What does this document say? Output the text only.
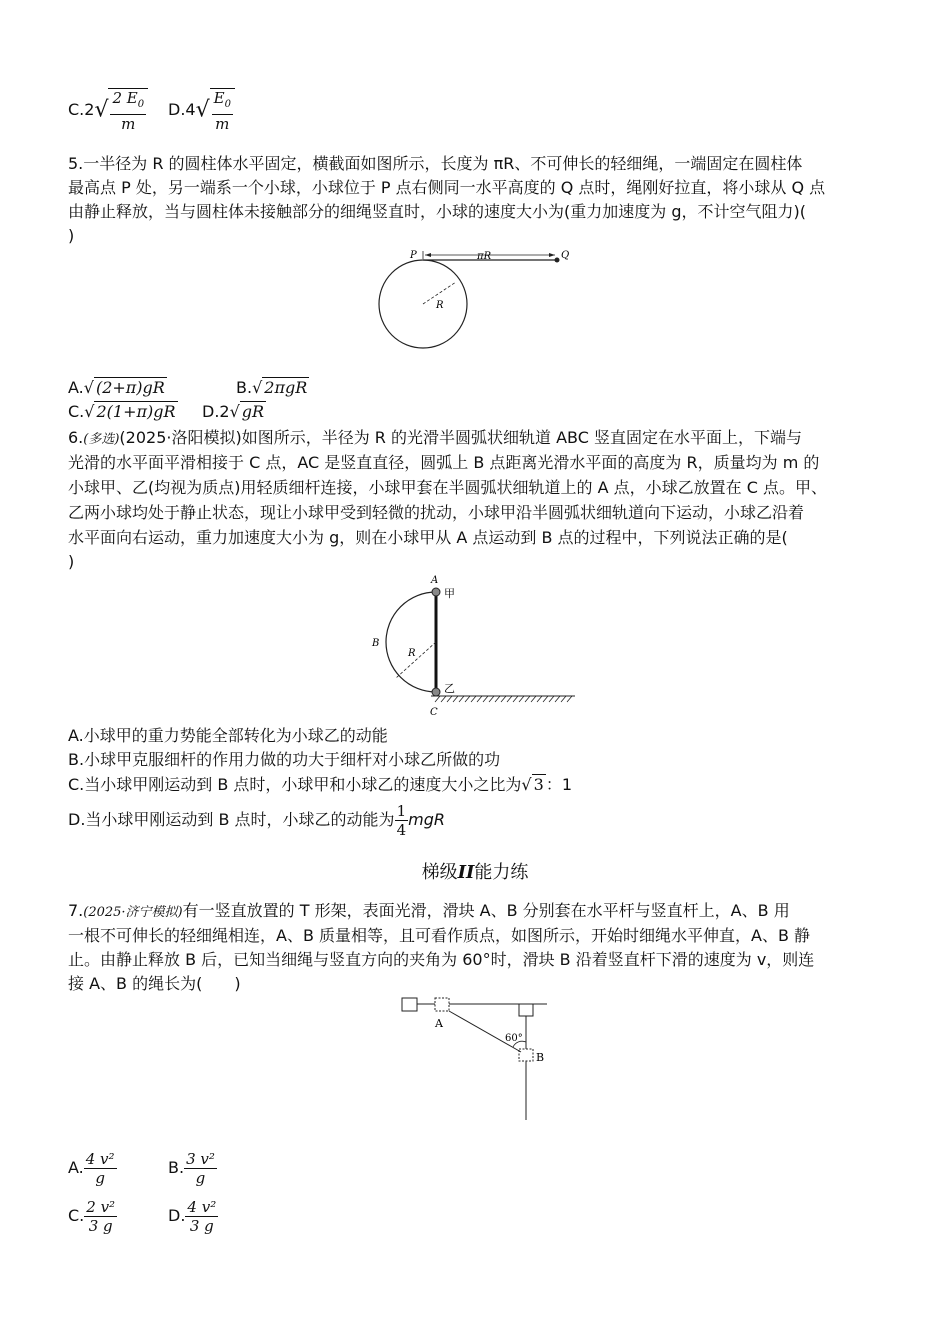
$C.2√ \frac{2 E_0}{m} D.4√ \frac{E_0}{m}$
5.一半径为 R 的圆柱体水平固定，横截面如图所示，长度为 πR、不可伸长的轻细绳，一端固定在圆柱体
最高点 P 处，另一端系一个小球，小球位于 P 点右侧同一水平高度的 Q 点时，绳刚好拉直，将小球从 Q 点
由静止释放，当与圆柱体未接触部分的细绳竖直时，小球的速度大小为(重力加速度为 g，不计空气阻力)(
)
P	πR	Q
R
A.√ (2+π)gR	B.√ 2πgR
C.√ 2(1+π)gR D.2√ gR
6.(多选)(2025·洛阳模拟)如图所示，半径为 R 的光滑半圆弧状细轨道 ABC 竖直固定在水平面上，下端与
光滑的水平面平滑相接于 C 点，AC 是竖直直径，圆弧上 B 点距离光滑水平面的高度为 R，质量均为 m 的
小球甲、乙(均视为质点)用轻质细杆连接，小球甲套在半圆弧状细轨道上的 A 点，小球乙放置在 C 点。甲、
乙两小球均处于静止状态，现让小球甲受到轻微的扰动，小球甲沿半圆弧状细轨道向下运动，小球乙沿着
水平面向右运动，重力加速度大小为 g，则在小球甲从 A 点运动到 B 点的过程中，下列说法正确的是(
)
A
甲
B
R
乙
C
A.小球甲的重力势能全部转化为小球乙的动能
B.小球甲克服细杆的作用力做的功大于细杆对小球乙所做的功
C.当小球甲刚运动到 B 点时，小球甲和小球乙的速度大小之比为√ 3 ：1
D.当小球甲刚运动到 B 点时，小球乙的动能为 $\frac{1}{4}$ mgR
梯级II能力练
7.(2025·济宁模拟)有一竖直放置的 T 形架，表面光滑，滑块 A、B 分别套在水平杆与竖直杆上，A、B 用
一根不可伸长的轻细绳相连，A、B 质量相等，且可看作质点，如图所示，开始时细绳水平伸直，A、B 静
止。由静止释放 B 后，已知当细绳与竖直方向的夹角为 60°时，滑块 B 沿着竖直杆下滑的速度为 v，则连
接 A、B 的绳长为(　　)
A
B
60°
A. $\frac{\text{4 v²}}{g}$	B. $\frac{\text{3 v²}}{g}$
C. $\frac{\text{2 v²}}{3 g}$	D. $\frac{\text{4 v²}}{3 g}$
